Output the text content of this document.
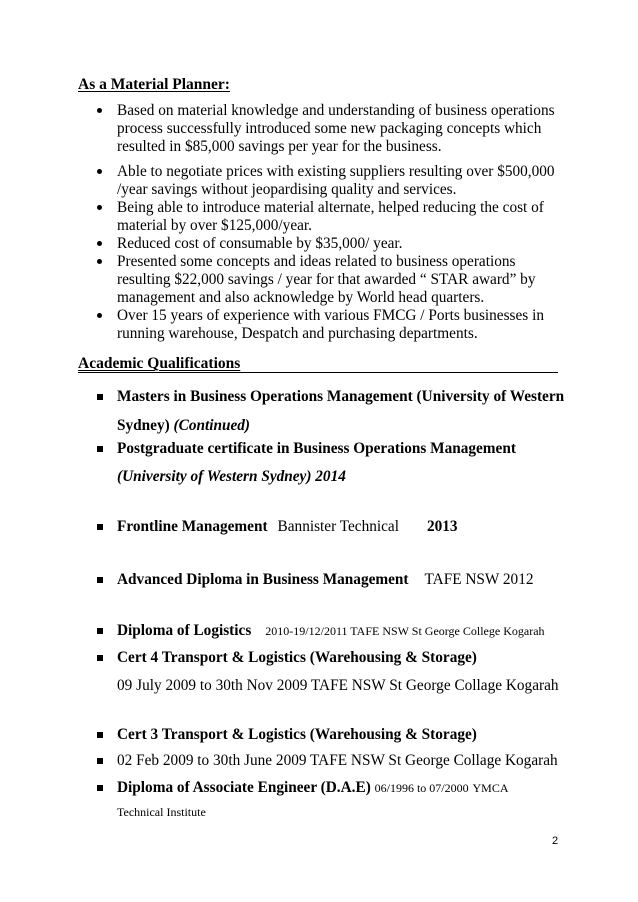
As a Material Planner:
Based on material knowledge and understanding of business operations
process successfully introduced some new packaging concepts which
resulted in $85,000 savings per year for the business.
Able to negotiate prices with existing suppliers resulting over $500,000
/year savings without jeopardising quality and services.
Being able to introduce material alternate, helped reducing the cost of
material by over $125,000/year.
Reduced cost of consumable by $35,000/ year.
Presented some concepts and ideas related to business operations
resulting $22,000 savings / year for that awarded “ STAR award” by
management and also acknowledge by World head quarters.
Over 15 years of experience with various FMCG / Ports businesses in
running warehouse, Despatch and purchasing departments.
Academic Qualifications
Masters in Business Operations Management (University of Western
Sydney) (Continued)
Postgraduate certificate in Business Operations Management
(University of Western Sydney) 2014
Frontline Management Bannister Technical 2013
Advanced Diploma in Business Management TAFE NSW 2012
Diploma of Logistics 2010-19/12/2011 TAFE NSW St George College Kogarah
Cert 4 Transport & Logistics (Warehousing & Storage)
09 July 2009 to 30th Nov 2009 TAFE NSW St George Collage Kogarah
Cert 3 Transport & Logistics (Warehousing & Storage)
02 Feb 2009 to 30th June 2009 TAFE NSW St George Collage Kogarah
Diploma of Associate Engineer (D.A.E) 06/1996 to 07/2000 YMCA
Technical Institute
2
